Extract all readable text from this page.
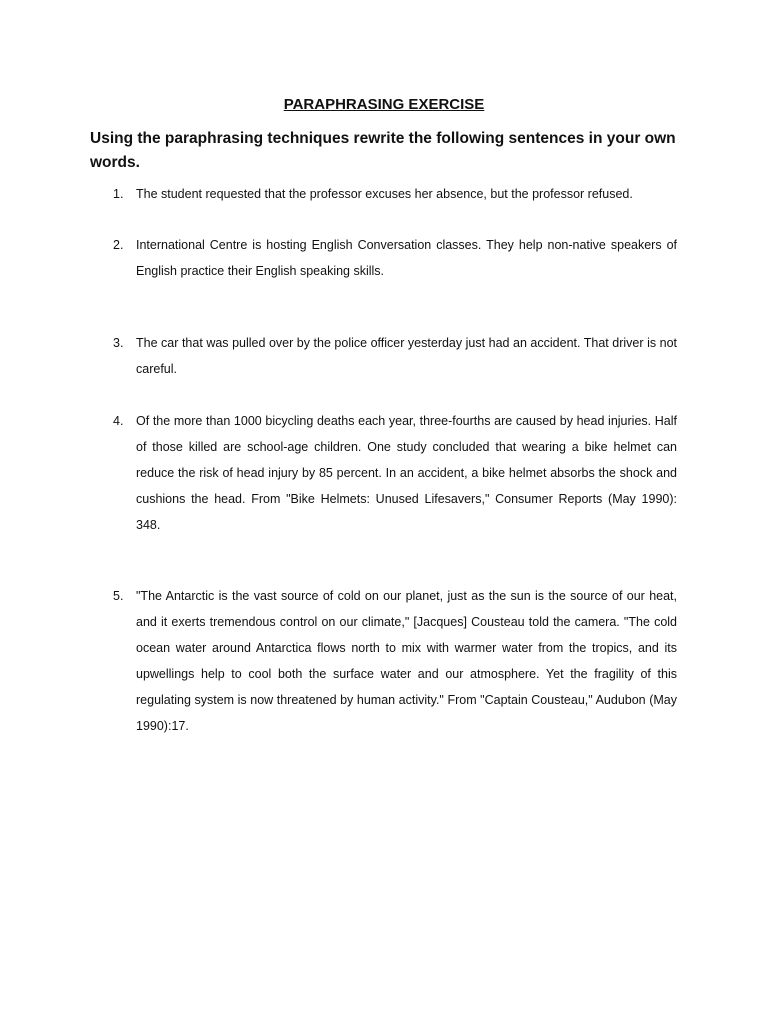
PARAPHRASING EXERCISE
Using the paraphrasing techniques rewrite the following sentences in your own words.
1.	The student requested that the professor excuses her absence, but the professor refused.
2.	International Centre is hosting English Conversation classes. They help non-native speakers of English practice their English speaking skills.
3.	The car that was pulled over by the police officer yesterday just had an accident. That driver is not careful.
4.	Of the more than 1000 bicycling deaths each year, three-fourths are caused by head injuries. Half of those killed are school-age children. One study concluded that wearing a bike helmet can reduce the risk of head injury by 85 percent. In an accident, a bike helmet absorbs the shock and cushions the head. From "Bike Helmets: Unused Lifesavers," Consumer Reports (May 1990): 348.
5.	"The Antarctic is the vast source of cold on our planet, just as the sun is the source of our heat, and it exerts tremendous control on our climate," [Jacques] Cousteau told the camera. "The cold ocean water around Antarctica flows north to mix with warmer water from the tropics, and its upwellings help to cool both the surface water and our atmosphere. Yet the fragility of this regulating system is now threatened by human activity." From "Captain Cousteau," Audubon (May 1990):17.
